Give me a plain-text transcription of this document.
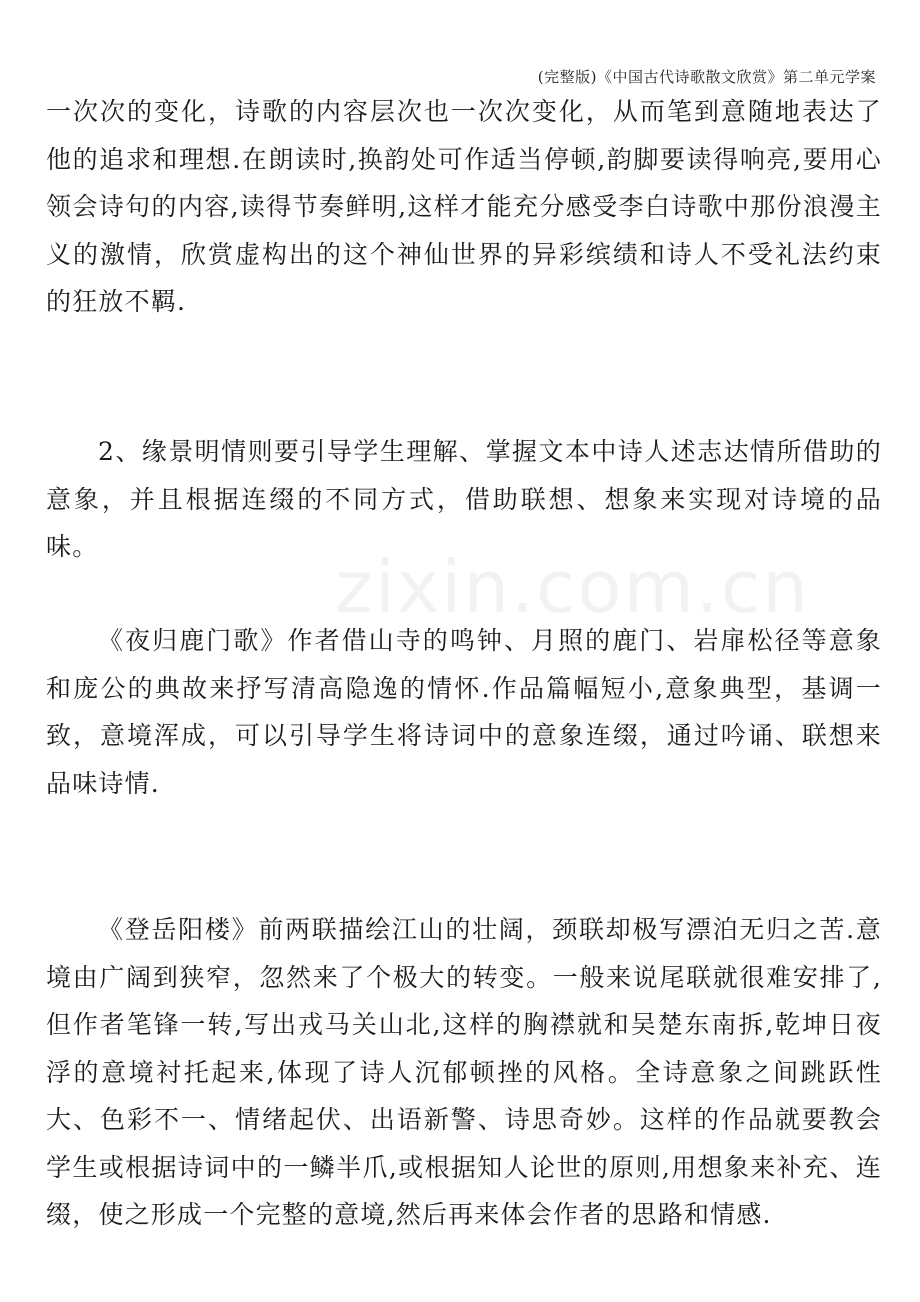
(完整版)《中国古代诗歌散文欣赏》第二单元学案
zixin.com.cn

一次次的变化，诗歌的内容层次也一次次变化，从而笔到意随地表达了他的追求和理想.在朗读时,换韵处可作适当停顿,韵脚要读得响亮,要用心领会诗句的内容,读得节奏鲜明,这样才能充分感受李白诗歌中那份浪漫主义的激情，欣赏虚构出的这个神仙世界的异彩缤绩和诗人不受礼法约束的狂放不羁.

2、缘景明情则要引导学生理解、掌握文本中诗人述志达情所借助的意象，并且根据连缀的不同方式，借助联想、想象来实现对诗境的品味。

《夜归鹿门歌》作者借山寺的鸣钟、月照的鹿门、岩扉松径等意象和庞公的典故来抒写清高隐逸的情怀.作品篇幅短小,意象典型，基调一致，意境浑成，可以引导学生将诗词中的意象连缀，通过吟诵、联想来品味诗情.

《登岳阳楼》前两联描绘江山的壮阔，颈联却极写漂泊无归之苦.意境由广阔到狭窄，忽然来了个极大的转变。一般来说尾联就很难安排了,但作者笔锋一转,写出戎马关山北,这样的胸襟就和吴楚东南拆,乾坤日夜浮的意境衬托起来,体现了诗人沉郁顿挫的风格。全诗意象之间跳跃性大、色彩不一、情绪起伏、出语新警、诗思奇妙。这样的作品就要教会学生或根据诗词中的一鳞半爪,或根据知人论世的原则,用想象来补充、连缀，使之形成一个完整的意境,然后再来体会作者的思路和情感.
